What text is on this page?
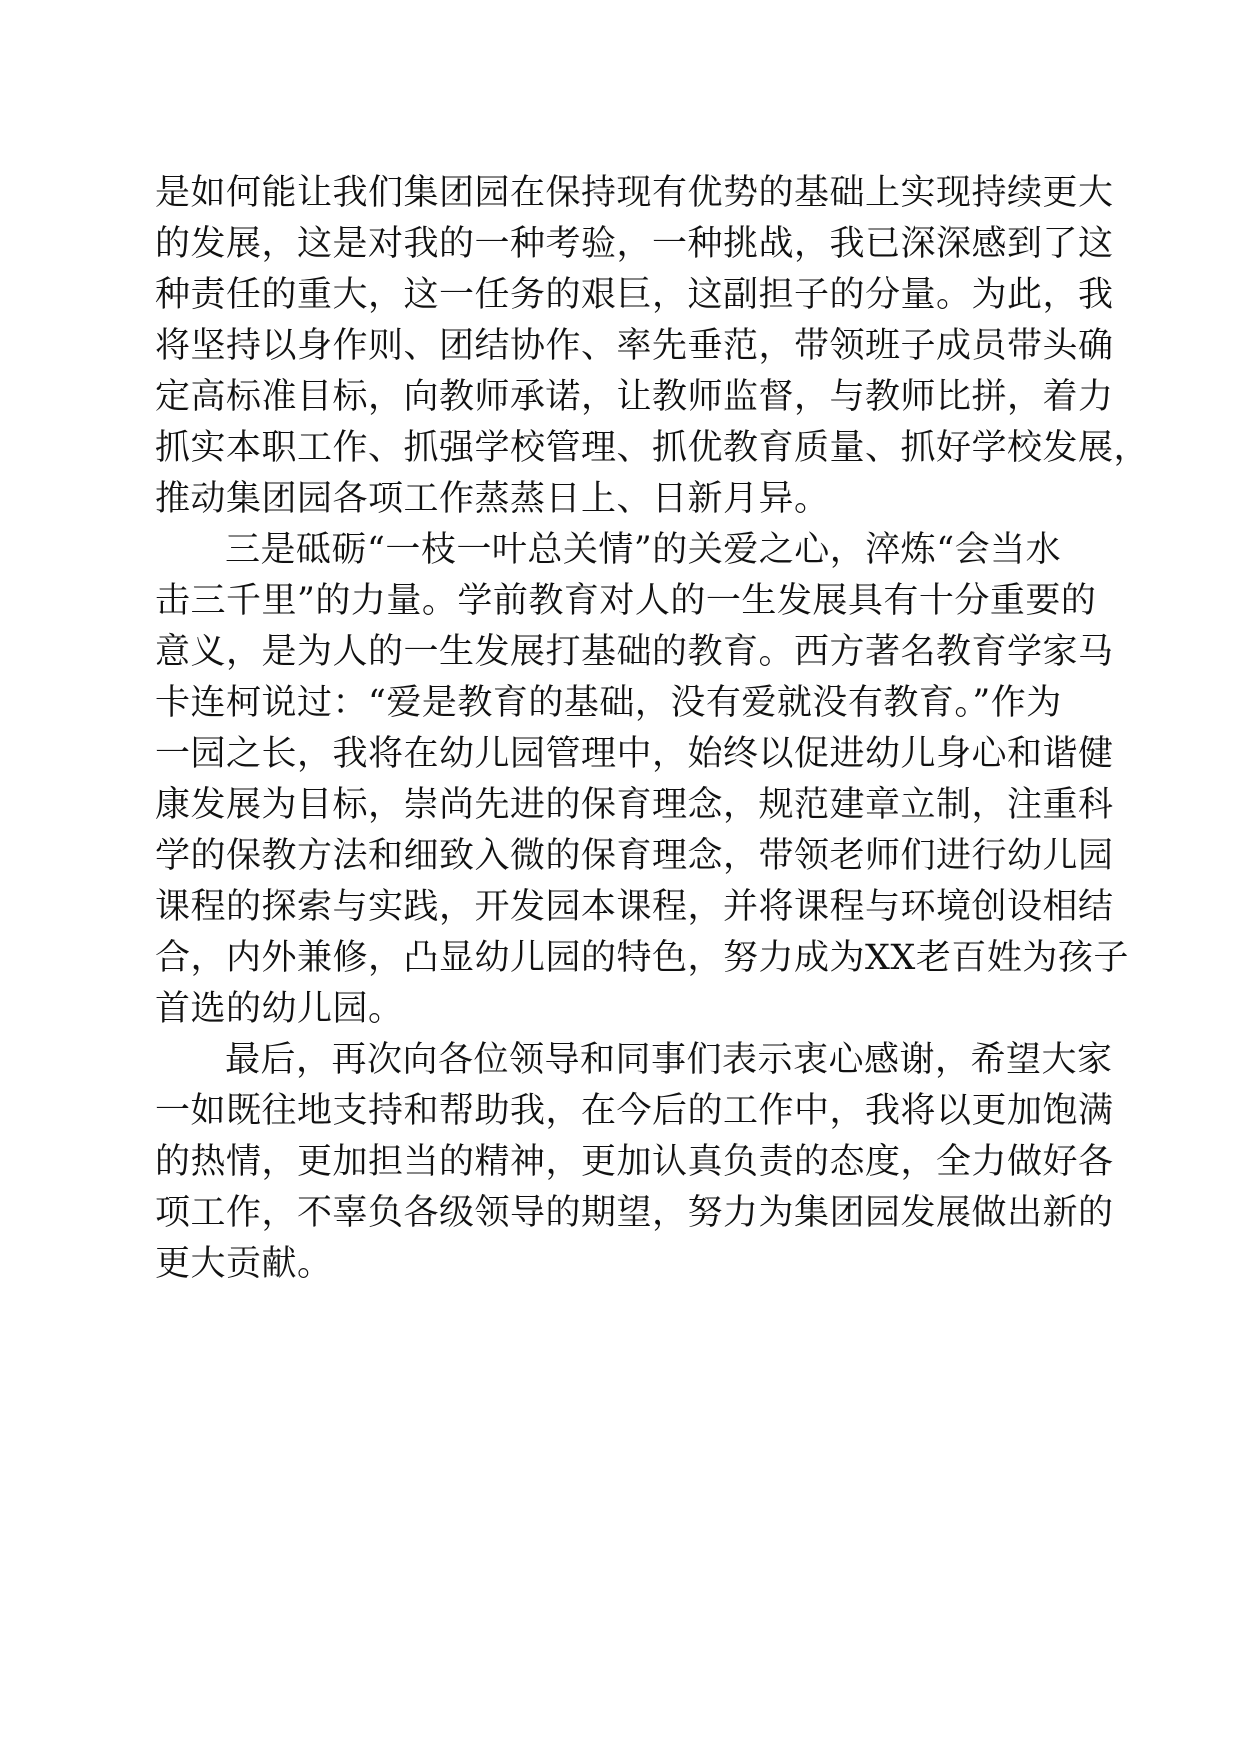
是如何能让我们集团园在保持现有优势的基础上实现持续更大
的发展，这是对我的一种考验，一种挑战，我已深深感到了这
种责任的重大，这一任务的艰巨，这副担子的分量。为此，我
将坚持以身作则、团结协作、率先垂范，带领班子成员带头确
定高标准目标，向教师承诺，让教师监督，与教师比拼，着力
抓实本职工作、抓强学校管理、抓优教育质量、抓好学校发展，
推动集团园各项工作蒸蒸日上、日新月异。
三是砥砺“一枝一叶总关情”的关爱之心，淬炼“会当水
击三千里”的力量。学前教育对人的一生发展具有十分重要的
意义，是为人的一生发展打基础的教育。西方著名教育学家马
卡连柯说过：“爱是教育的基础，没有爱就没有教育。”作为
一园之长，我将在幼儿园管理中，始终以促进幼儿身心和谐健
康发展为目标，崇尚先进的保育理念，规范建章立制，注重科
学的保教方法和细致入微的保育理念，带领老师们进行幼儿园
课程的探索与实践，开发园本课程，并将课程与环境创设相结
合，内外兼修，凸显幼儿园的特色，努力成为XX老百姓为孩子
首选的幼儿园。
最后，再次向各位领导和同事们表示衷心感谢，希望大家
一如既往地支持和帮助我，在今后的工作中，我将以更加饱满
的热情，更加担当的精神，更加认真负责的态度，全力做好各
项工作，不辜负各级领导的期望，努力为集团园发展做出新的
更大贡献。
